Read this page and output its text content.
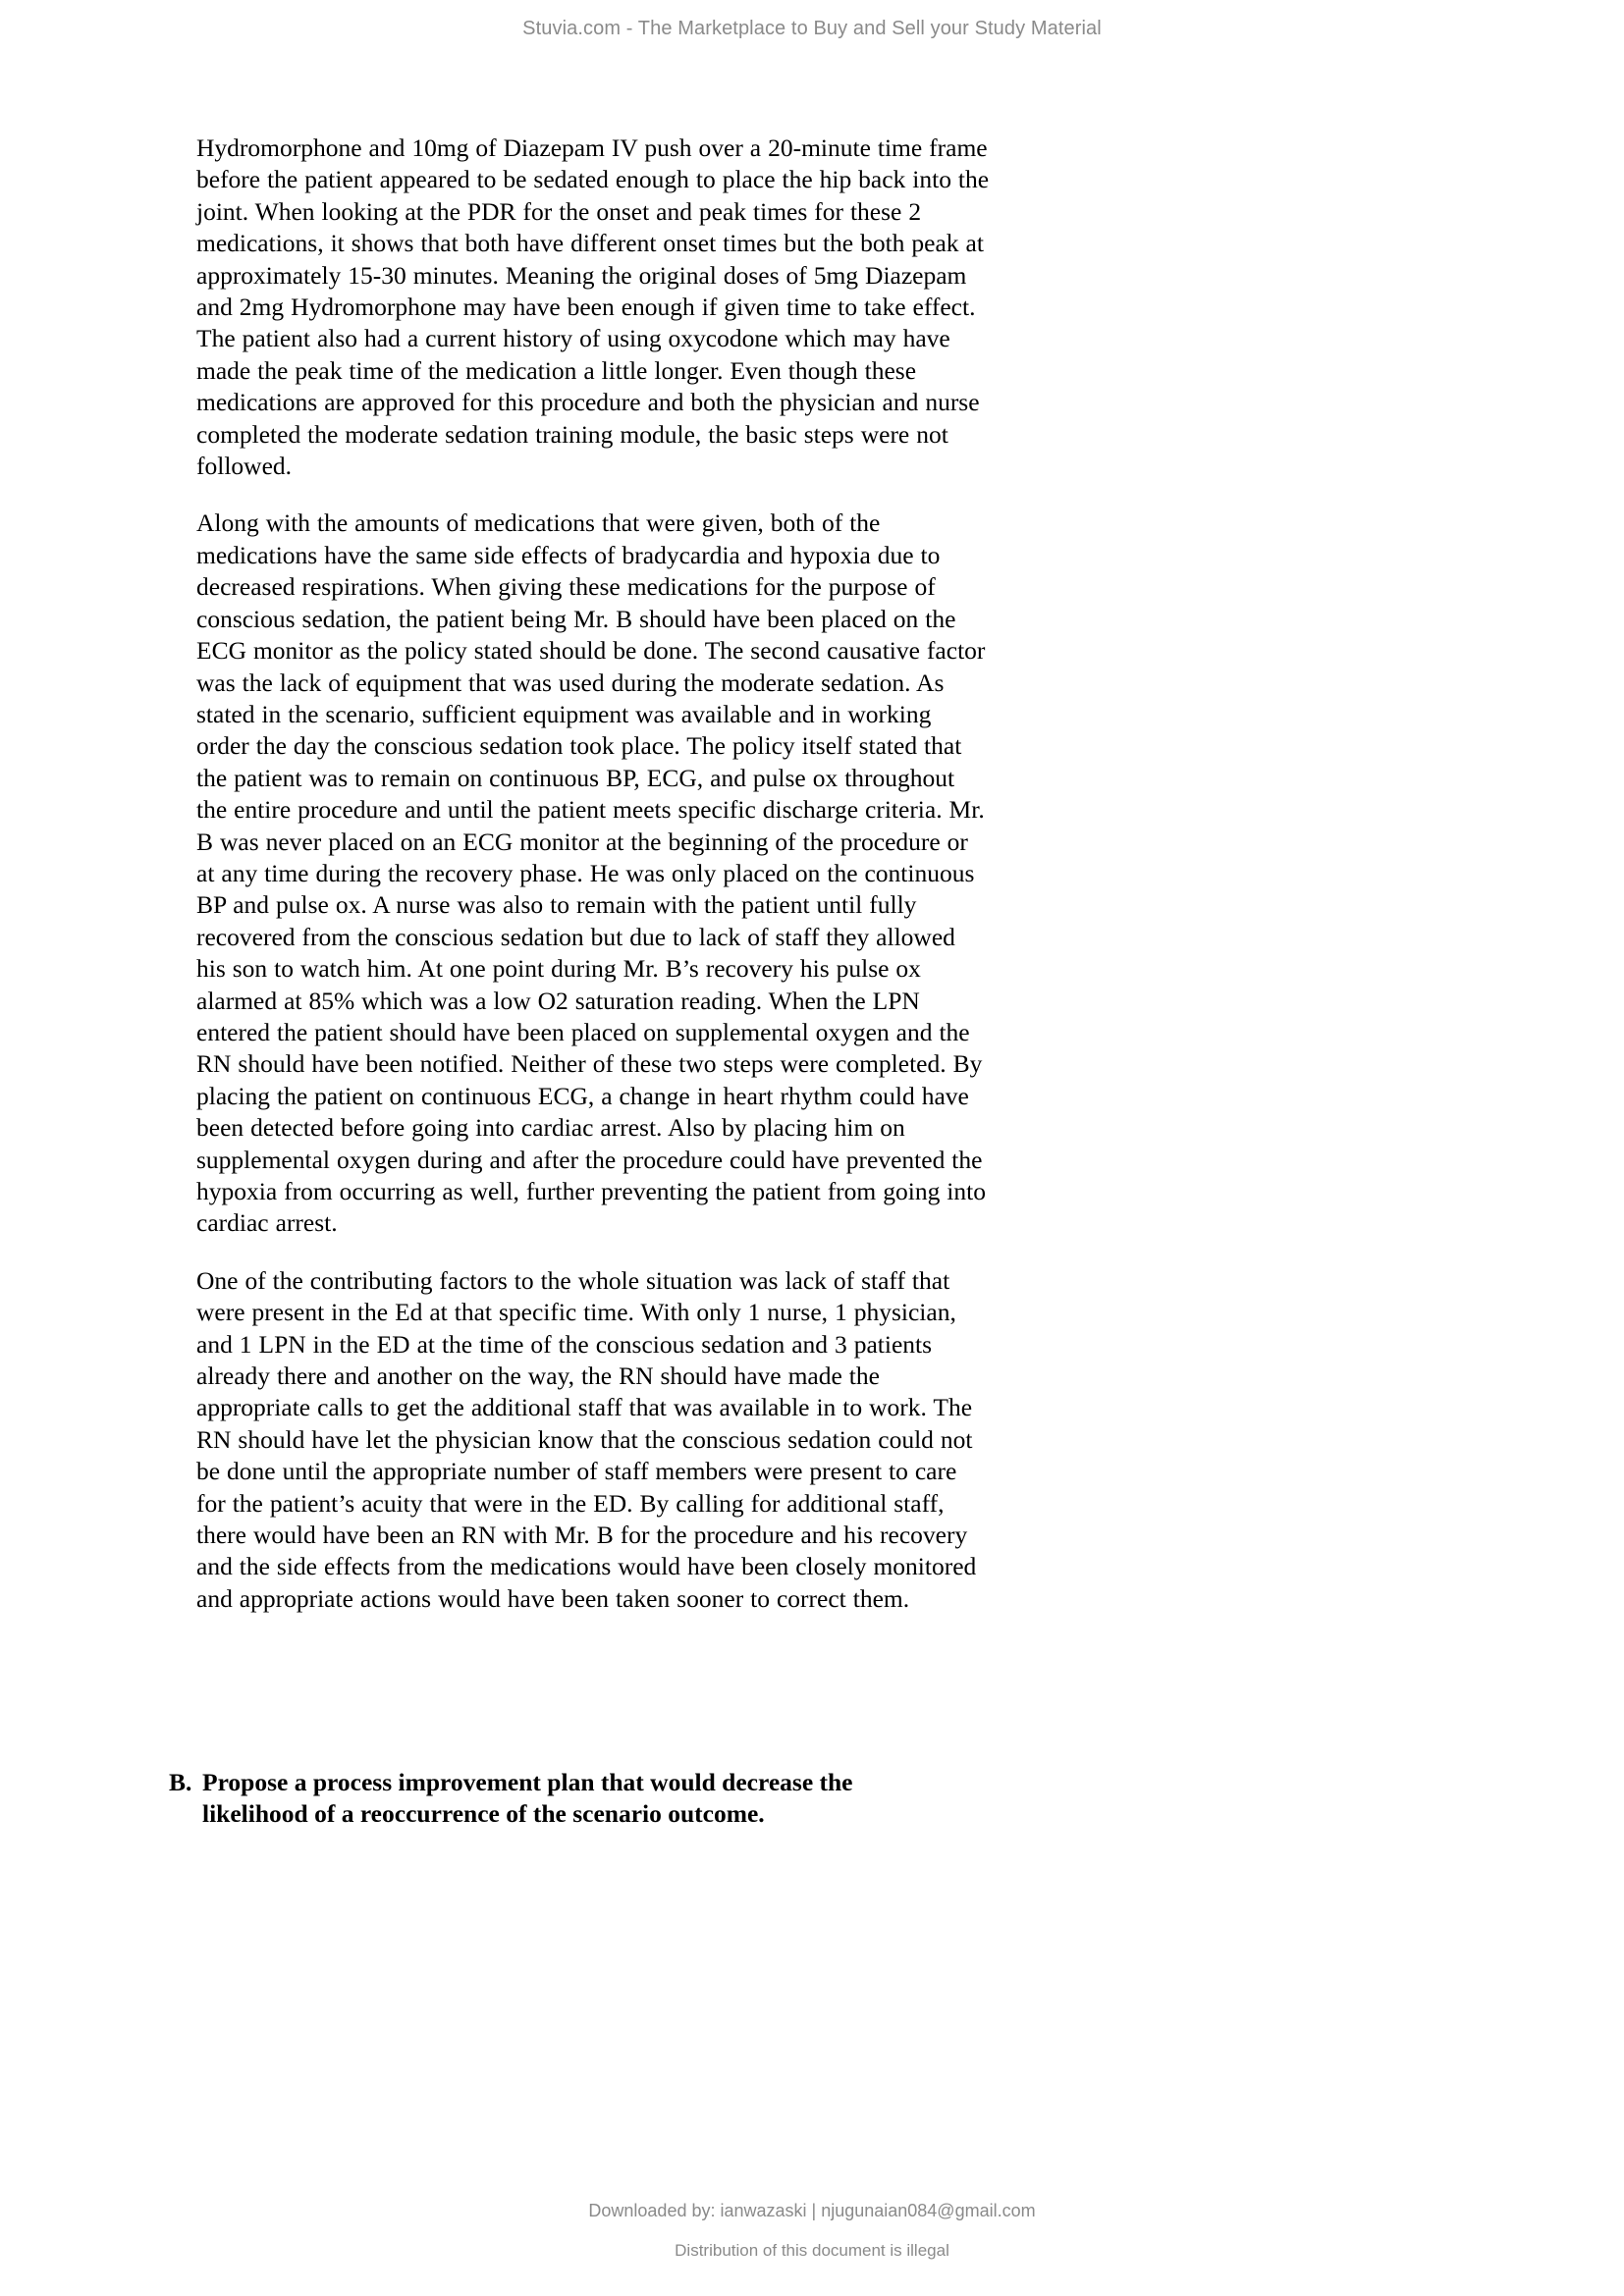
Stuvia.com - The Marketplace to Buy and Sell your Study Material

Hydromorphone and 10mg of Diazepam IV push over a 20-minute time frame before the patient appeared to be sedated enough to place the hip back into the joint. When looking at the PDR for the onset and peak times for these 2 medications, it shows that both have different onset times but the both peak at approximately 15-30 minutes. Meaning the original doses of 5mg Diazepam and 2mg Hydromorphone may have been enough if given time to take effect. The patient also had a current history of using oxycodone which may have made the peak time of the medication a little longer. Even though these medications are approved for this procedure and both the physician and nurse completed the moderate sedation training module, the basic steps were not followed.

Along with the amounts of medications that were given, both of the medications have the same side effects of bradycardia and hypoxia due to decreased respirations. When giving these medications for the purpose of conscious sedation, the patient being Mr. B should have been placed on the ECG monitor as the policy stated should be done. The second causative factor was the lack of equipment that was used during the moderate sedation. As stated in the scenario, sufficient equipment was available and in working order the day the conscious sedation took place. The policy itself stated that the patient was to remain on continuous BP, ECG, and pulse ox throughout the entire procedure and until the patient meets specific discharge criteria. Mr. B was never placed on an ECG monitor at the beginning of the procedure or at any time during the recovery phase. He was only placed on the continuous BP and pulse ox. A nurse was also to remain with the patient until fully recovered from the conscious sedation but due to lack of staff they allowed his son to watch him. At one point during Mr. B’s recovery his pulse ox alarmed at 85% which was a low O2 saturation reading. When the LPN entered the patient should have been placed on supplemental oxygen and the RN should have been notified. Neither of these two steps were completed. By placing the patient on continuous ECG, a change in heart rhythm could have been detected before going into cardiac arrest. Also by placing him on supplemental oxygen during and after the procedure could have prevented the hypoxia from occurring as well, further preventing the patient from going into cardiac arrest.

One of the contributing factors to the whole situation was lack of staff that were present in the Ed at that specific time. With only 1 nurse, 1 physician, and 1 LPN in the ED at the time of the conscious sedation and 3 patients already there and another on the way, the RN should have made the appropriate calls to get the additional staff that was available in to work. The RN should have let the physician know that the conscious sedation could not be done until the appropriate number of staff members were present to care for the patient’s acuity that were in the ED. By calling for additional staff, there would have been an RN with Mr. B for the procedure and his recovery and the side effects from the medications would have been closely monitored and appropriate actions would have been taken sooner to correct them.

B. Propose a process improvement plan that would decrease the likelihood of a reoccurrence of the scenario outcome.
Downloaded by: ianwazaski | njugunaian084@gmail.com
Distribution of this document is illegal
